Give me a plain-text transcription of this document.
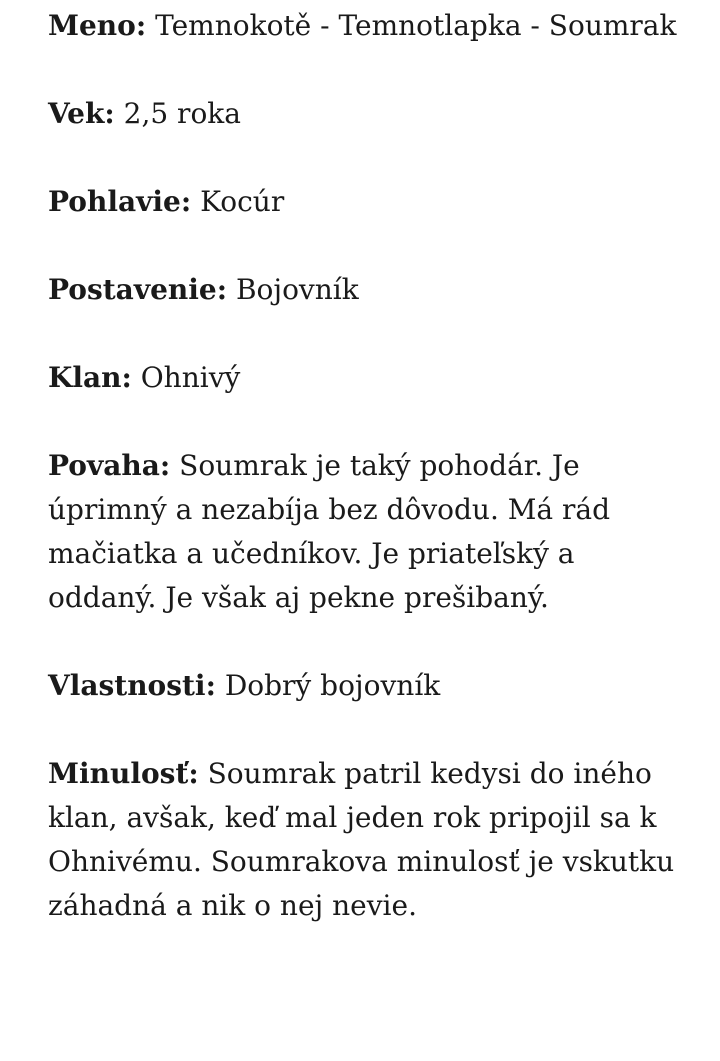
Meno: Temnokotě - Temnotlapka - Soumrak

Vek: 2,5 roka

Pohlavie: Kocúr

Postavenie: Bojovník

Klan: Ohnivý

Povaha: Soumrak je taký pohodár. Je úprimný a nezabíja bez dôvodu. Má rád mačiatka a učedníkov. Je priateľský a oddaný. Je však aj pekne prešibaný.

Vlastnosti: Dobrý bojovník

Minulosť: Soumrak patril kedysi do iného klan, avšak, keď mal jeden rok pripojil sa k Ohnivému. Soumrakova minulosť je vskutku záhadná a nik o nej nevie.
